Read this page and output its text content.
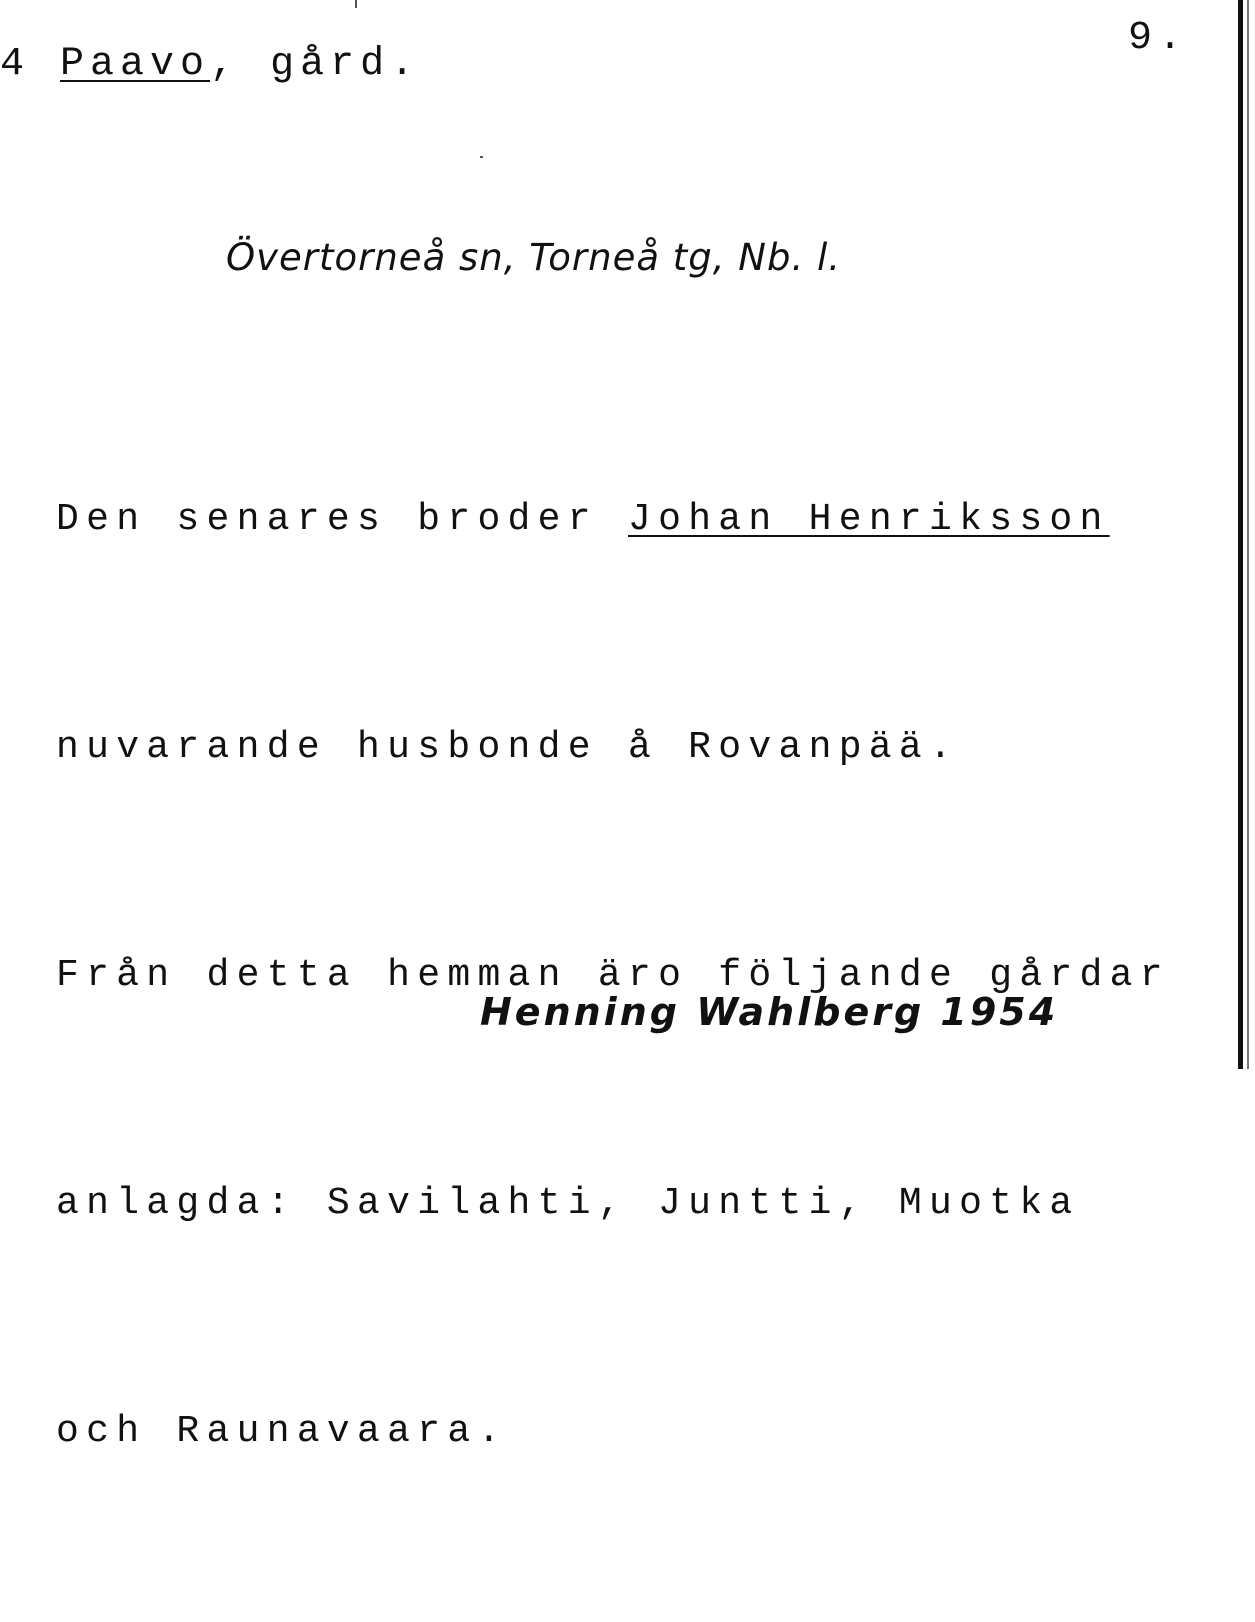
4 Paavo, gård.
9.
Övertorneå sn, Torneå tg, Nb. l.

Den senares broder Johan Henriksson

nuvarande husbonde å Rovanpää.

Från detta hemman äro följande gårdar

anlagda: Savilahti, Juntti, Muotka

och Raunavaara.

Henning Wahlberg 1954
